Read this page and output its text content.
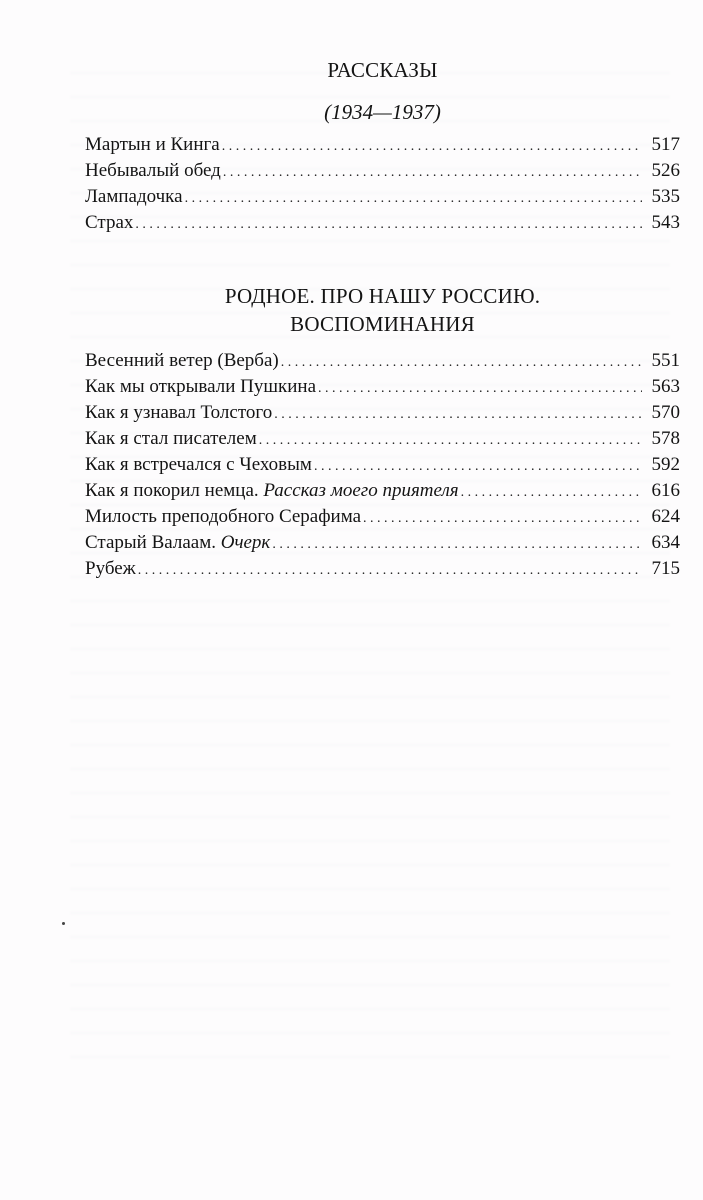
РАССКАЗЫ
(1934—1937)
Мартын и Кинга . . .	517
Небывалый обед . . .	526
Лампадочка . . .	535
Страх . . .	543
РОДНОЕ. ПРО НАШУ РОССИЮ.
ВОСПОМИНАНИЯ
Весенний ветер (Верба) . . .	551
Как мы открывали Пушкина . . .	563
Как я узнавал Толстого . . .	570
Как я стал писателем . . .	578
Как я встречался с Чеховым . . .	592
Как я покорил немца. Рассказ моего приятеля . . .	616
Милость преподобного Серафима . . .	624
Старый Валаам. Очерк . . .	634
Рубеж . . .	715
